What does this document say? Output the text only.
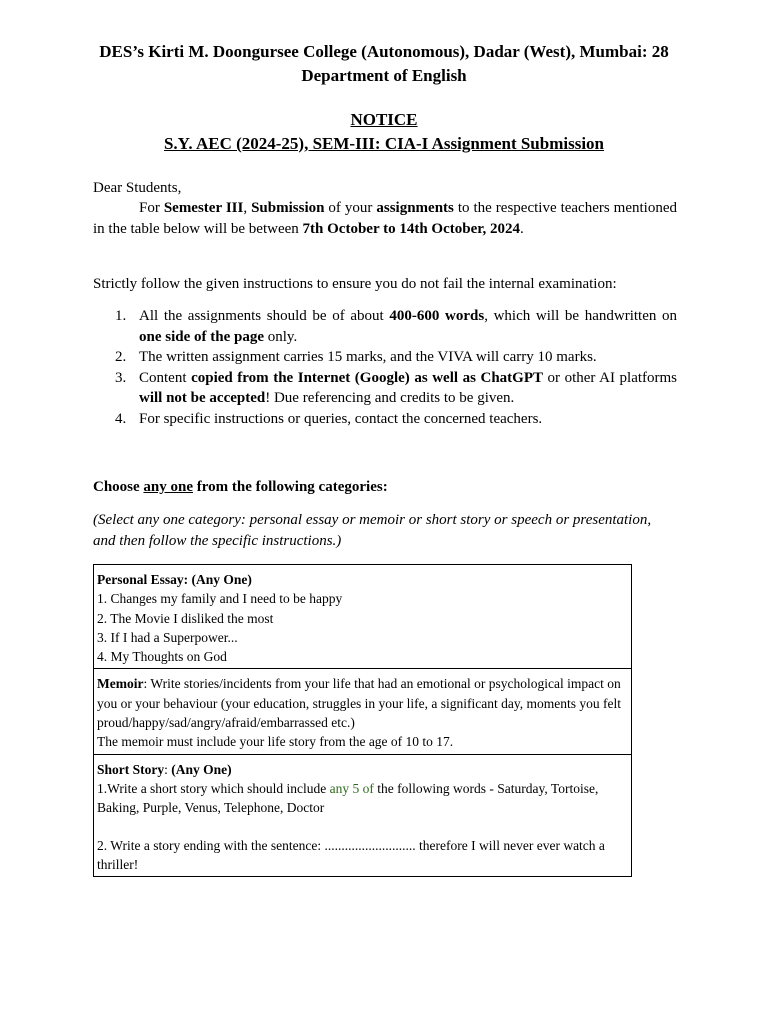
DES’s Kirti M. Doongursee College (Autonomous), Dadar (West), Mumbai: 28
Department of English
NOTICE
S.Y. AEC (2024-25), SEM-III: CIA-I Assignment Submission
Dear Students,
For Semester III, Submission of your assignments to the respective teachers mentioned in the table below will be between 7th October to 14th October, 2024.
Strictly follow the given instructions to ensure you do not fail the internal examination:
1. All the assignments should be of about 400-600 words, which will be handwritten on one side of the page only.
2. The written assignment carries 15 marks, and the VIVA will carry 10 marks.
3. Content copied from the Internet (Google) as well as ChatGPT or other AI platforms will not be accepted! Due referencing and credits to be given.
4. For specific instructions or queries, contact the concerned teachers.
Choose any one from the following categories:
(Select any one category: personal essay or memoir or short story or speech or presentation, and then follow the specific instructions.)
Personal Essay: (Any One)
1. Changes my family and I need to be happy
2. The Movie I disliked the most
3. If I had a Superpower...
4. My Thoughts on God

Memoir: Write stories/incidents from your life that had an emotional or psychological impact on you or your behaviour (your education, struggles in your life, a significant day, moments you felt proud/happy/sad/angry/afraid/embarrassed etc.)
The memoir must include your life story from the age of 10 to 17.

Short Story: (Any One)
1.Write a short story which should include any 5 of the following words - Saturday, Tortoise, Baking, Purple, Venus, Telephone, Doctor
2. Write a story ending with the sentence: ........................... therefore I will never ever watch a thriller!
